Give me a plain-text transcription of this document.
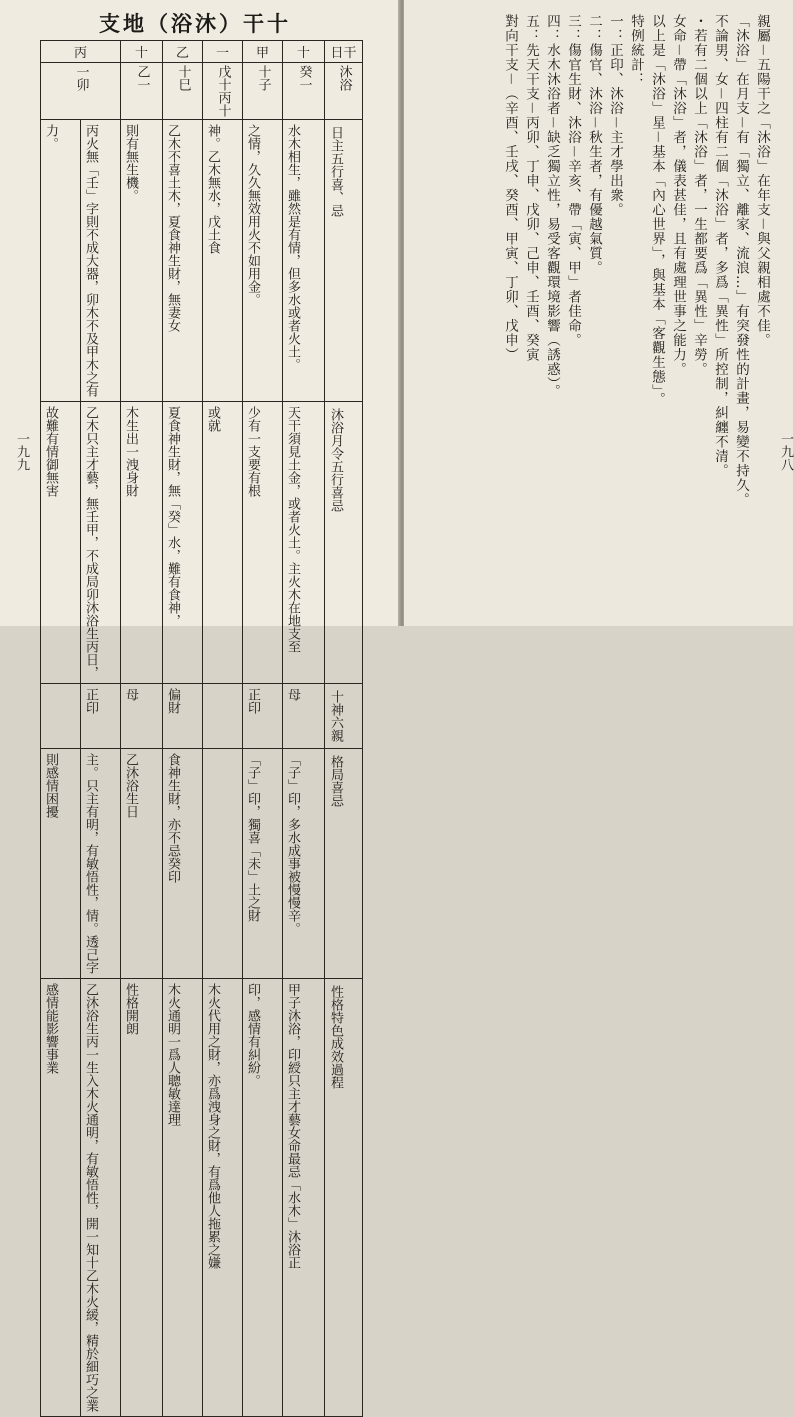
支地（浴沐）干十
丙		十	乙	一	甲	十	日干

一卯		乙一	十巳	戊十丙十	十子	癸一	沐浴

力。	丙火無「壬」字則不成大器，卯木不及甲木之有	則有無生機。	乙木不喜土木，夏食神生財，無妻女	神。乙木無水，戊土食	之情，久久無效用火不如用金。	水木相生，雖然是有情，但多水或者火土。	日主五行喜、忌

故難有情御無害	乙木只主才藝，無壬甲，不成局卯沐浴生丙日，	木生出一洩身財	夏食神生財，無「癸」水，難有食神，	或就	少有一支要有根	天干須見土金，或者火土。主火木在地支至	沐浴月令五行喜忌

	正印	母	偏財		正印	母	十神六親

則感情困擾	主。只主有明，有敏悟性，情。透己字	乙沐浴生日	食神生財，亦不忌癸印		「子」印，獨喜「未」土之財	「子」印，多水成事被慢慢辛。	格局喜忌

感情能影響事業	乙沐浴生丙一生入木火通明，有敏悟性，開一知十乙木火緩，精於細巧之業	性格開朗	木火通明一爲人聰敏達理	木火代用之財，亦爲洩身之財，有爲他人拖累之嫌	印，感情有糾紛。	甲子沐浴，印綬只主才藝女命最忌「水木」沐浴正	性格特色成效過程
一九九

親屬－五陽干之「沐浴」在年支－與父親相處不佳。

「沐浴」在月支－有「獨立、離家、流浪…」有突發性的計畫，易變不持久。

不論男、女－四柱有二個「沐浴」者，多爲「異性」所控制，糾纏不清。

・若有二個以上「沐浴」者，一生都要爲「異性」辛勞。

女命－帶「沐浴」者，儀表甚佳，且有處理世事之能力。

以上是「沐浴」星－基本「內心世界」，與基本「客觀生態」。

特例統計：

一：正印、沐浴－主才學出衆。

二：傷官、沐浴－秋生者，有優越氣質。

三：傷官生財、沐浴－辛亥、帶「寅、甲」者佳命。

四：水木沐浴者－缺乏獨立性，易受客觀環境影響（誘惑）。

五：先天干支－丙卯、丁申、戊卯、己申、壬酉、癸寅

對向干支－（辛酉、壬戌、癸酉、甲寅、丁卯、戊申）

一九八
